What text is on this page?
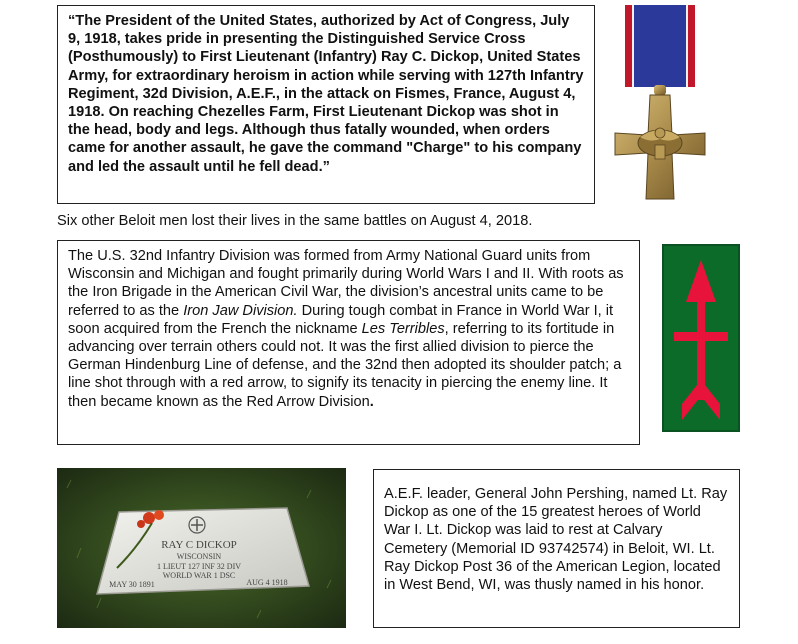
“The President of the United States, authorized by Act of Congress, July 9, 1918, takes pride in presenting the Distinguished Service Cross (Posthumously) to First Lieutenant (Infantry) Ray C. Dickop, United States Army, for extraordinary heroism in action while serving with 127th Infantry Regiment, 32d Division, A.E.F., in the attack on Fismes, France, August 4, 1918. On reaching Chezelles Farm, First Lieutenant Dickop was shot in the head, body and legs. Although thus fatally wounded, when orders came for another assault, he gave the command "Charge" to his company and led the assault until he fell dead.”

Six other Beloit men lost their lives in the same battles on August 4, 2018.

The U.S. 32nd Infantry Division was formed from Army National Guard units from Wisconsin and Michigan and fought primarily during World Wars I and II. With roots as the Iron Brigade in the American Civil War, the division’s ancestral units came to be referred to as the Iron Jaw Division. During tough combat in France in World War I, it soon acquired from the French the nickname Les Terribles, referring to its fortitude in advancing over terrain others could not. It was the first allied division to pierce the German Hindenburg Line of defense, and the 32nd then adopted its shoulder patch; a line shot through with a red arrow, to signify its tenacity in piercing the enemy line. It then became known as the Red Arrow Division.

A.E.F. leader, General John Pershing, named Lt. Ray Dickop as one of the 15 greatest heroes of World War I. Lt. Dickop was laid to rest at Calvary Cemetery (Memorial ID 93742574) in Beloit, WI. Lt. Ray Dickop Post 36 of the American Legion, located in West Bend, WI, was thusly named in his honor.

RAY C DICKOP
WISCONSIN
1 LIEUT 127 INF 32 DIV
WORLD WAR 1 DSC
MAY 30 1891	AUG 4 1918
